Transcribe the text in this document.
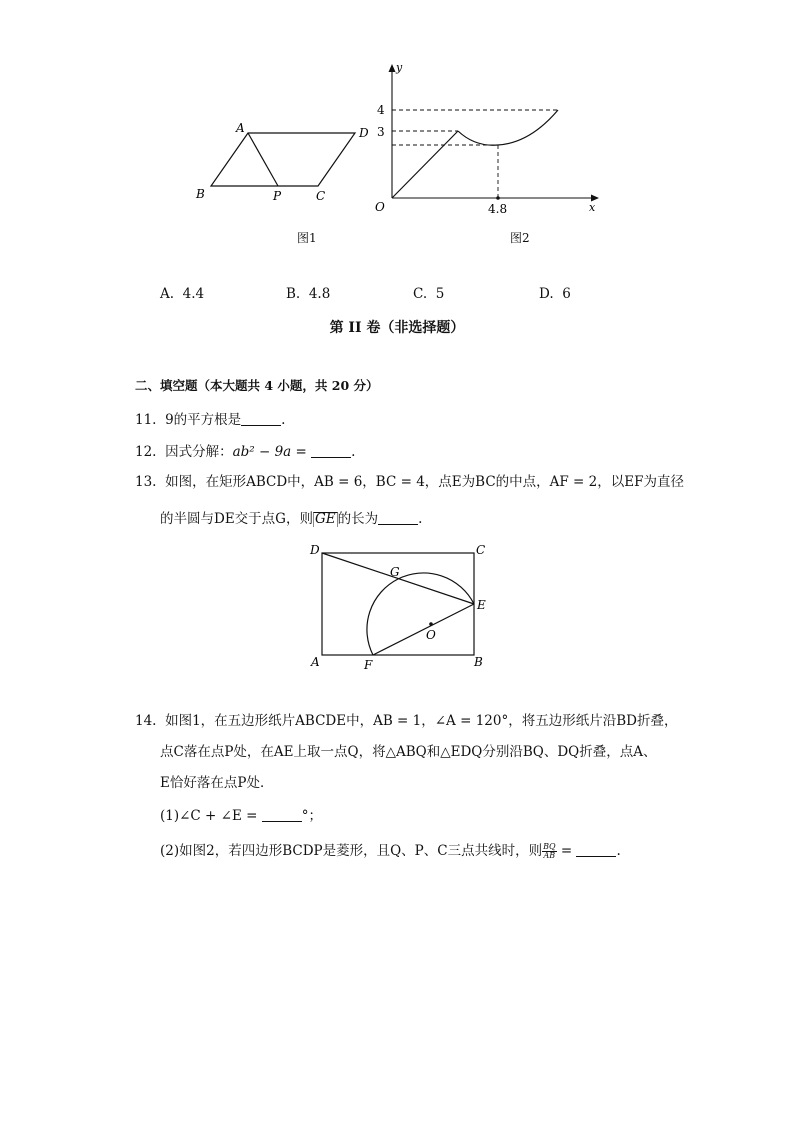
A	D
B	P	C
图1
y
x
O
4
3
4.8
图2
A. 4.4	B. 4.8	C. 5	D. 6
第 II 卷（非选择题）
二、填空题（本大题共 4 小题，共 20 分）
11. 9的平方根是	.
12. 因式分解：ab² − 9a =	.
13. 如图，在矩形ABCD中，AB = 6，BC = 4，点E为BC的中点，AF = 2，以EF为直径
的半圆与DE交于点G，则 GE 的长为	.
D	C
G
E
O
A	F	B
14. 如图1，在五边形纸片ABCDE中，AB = 1，∠A = 120°，将五边形纸片沿BD折叠，
点C落在点P处，在AE上取一点Q，将△ABQ和△EDQ分别沿BQ、DQ折叠，点A、
E恰好落在点P处．
(1)∠C + ∠E =	°；
(2)如图2，若四边形BCDP是菱形，且Q、P、C三点共线时，则 $\frac{BQ}{AB}$ =	.
